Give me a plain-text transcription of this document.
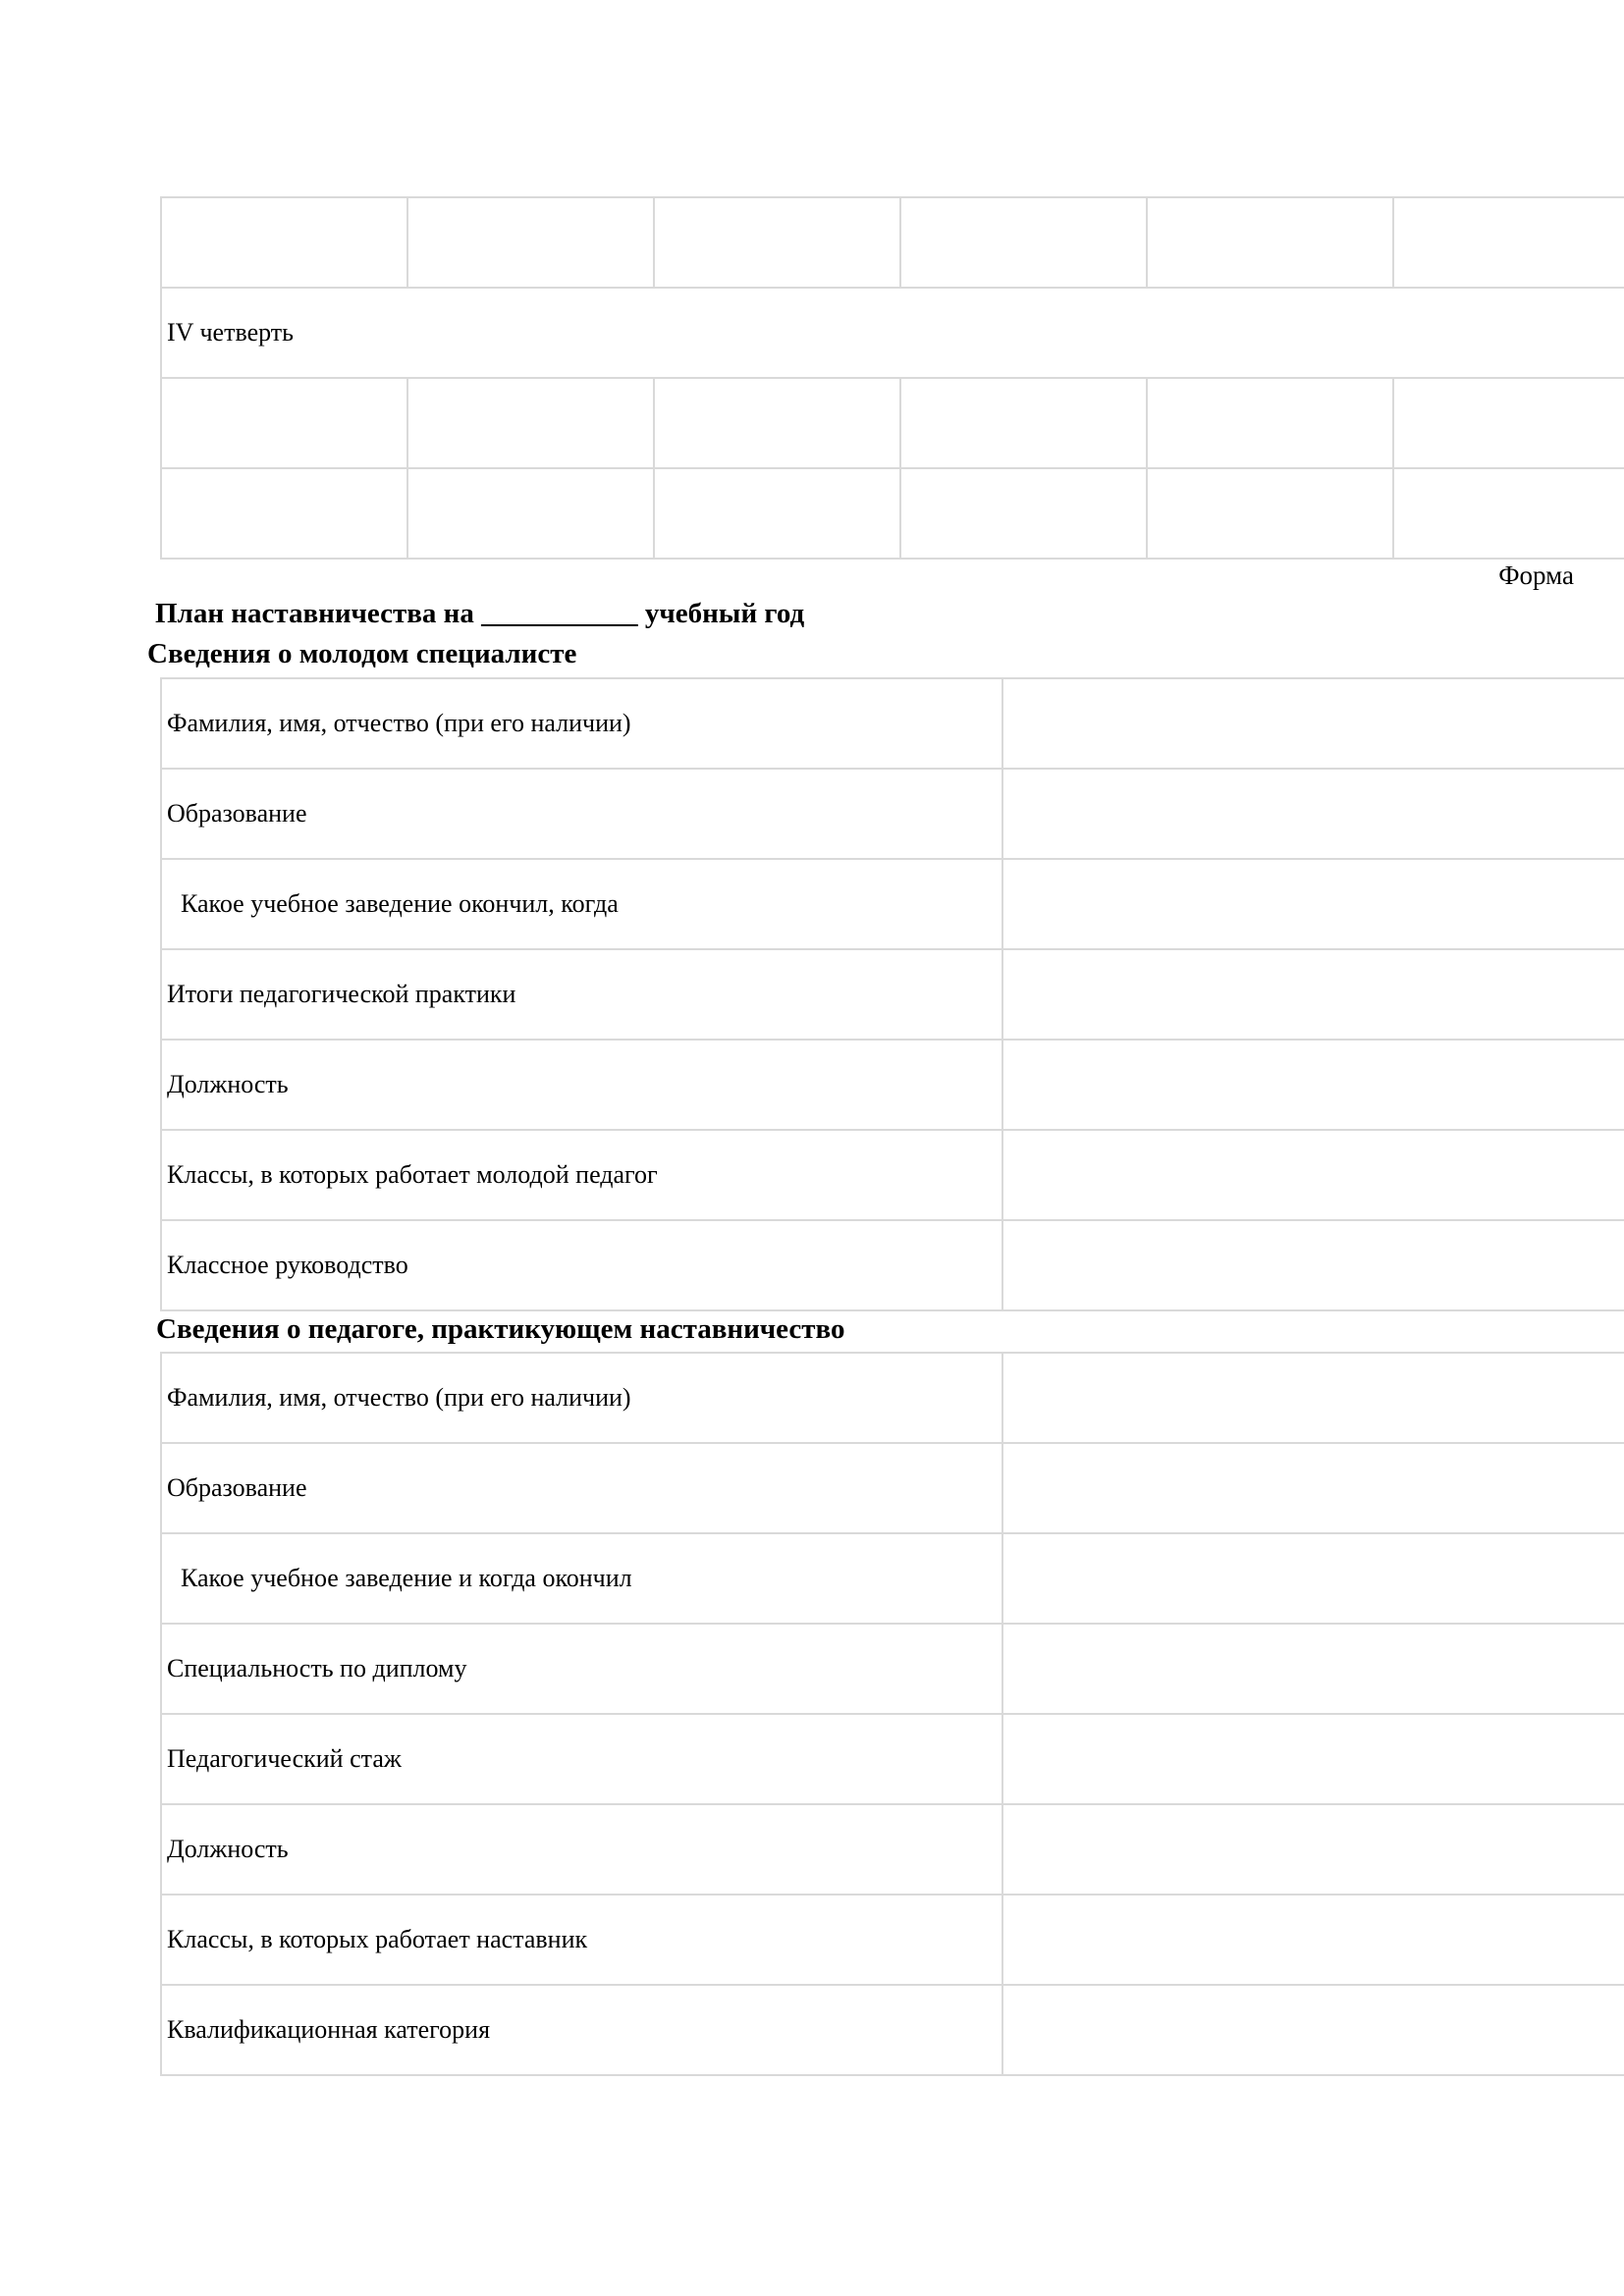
IV четверть						

Форма
План наставничества на ___________ учебный год
Сведения о молодом специалисте
Фамилия, имя, отчество (при его наличии)	
Образование	
Какое учебное заведение окончил, когда	
Итоги педагогической практики	
Должность	
Классы, в которых работает молодой педагог	
Классное руководство	
Сведения о педагоге, практикующем наставничество
Фамилия, имя, отчество (при его наличии)	
Образование	
Какое учебное заведение и когда окончил	
Специальность по диплому	
Педагогический стаж	
Должность	
Классы, в которых работает наставник	
Квалификационная категория	
